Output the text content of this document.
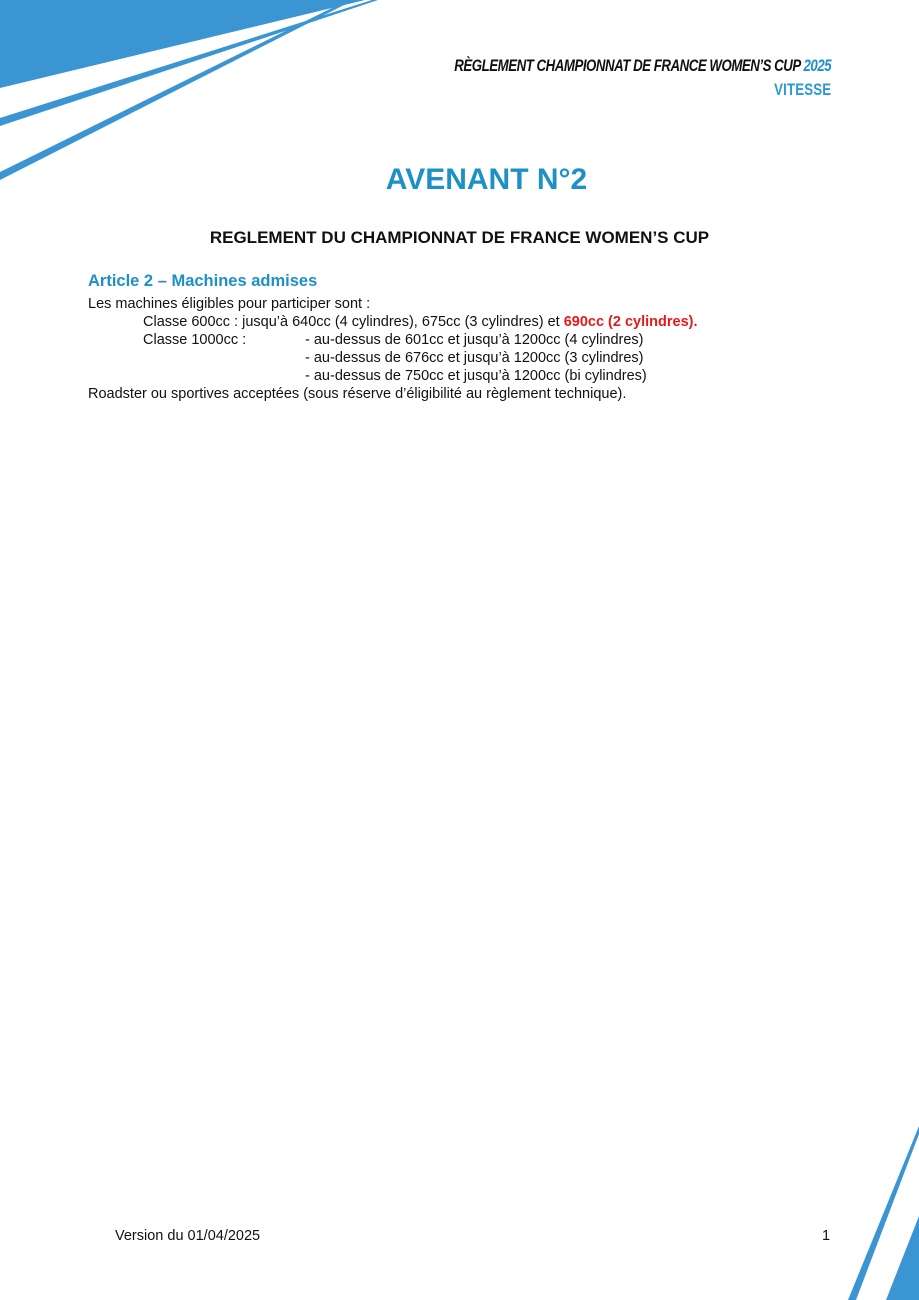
RÈGLEMENT CHAMPIONNAT DE FRANCE WOMEN’S CUP 2025
VITESSE
AVENANT N°2
REGLEMENT DU CHAMPIONNAT DE FRANCE WOMEN’S CUP
Article 2 – Machines admises
Les machines éligibles pour participer sont :
Classe 600cc : jusqu’à 640cc (4 cylindres), 675cc (3 cylindres) et 690cc (2 cylindres).
Classe 1000cc :	- au-dessus de 601cc et jusqu’à 1200cc (4 cylindres)
- au-dessus de 676cc et jusqu’à 1200cc (3 cylindres)
- au-dessus de 750cc et jusqu’à 1200cc (bi cylindres)
Roadster ou sportives acceptées (sous réserve d’éligibilité au règlement technique).
Version du 01/04/2025	1
